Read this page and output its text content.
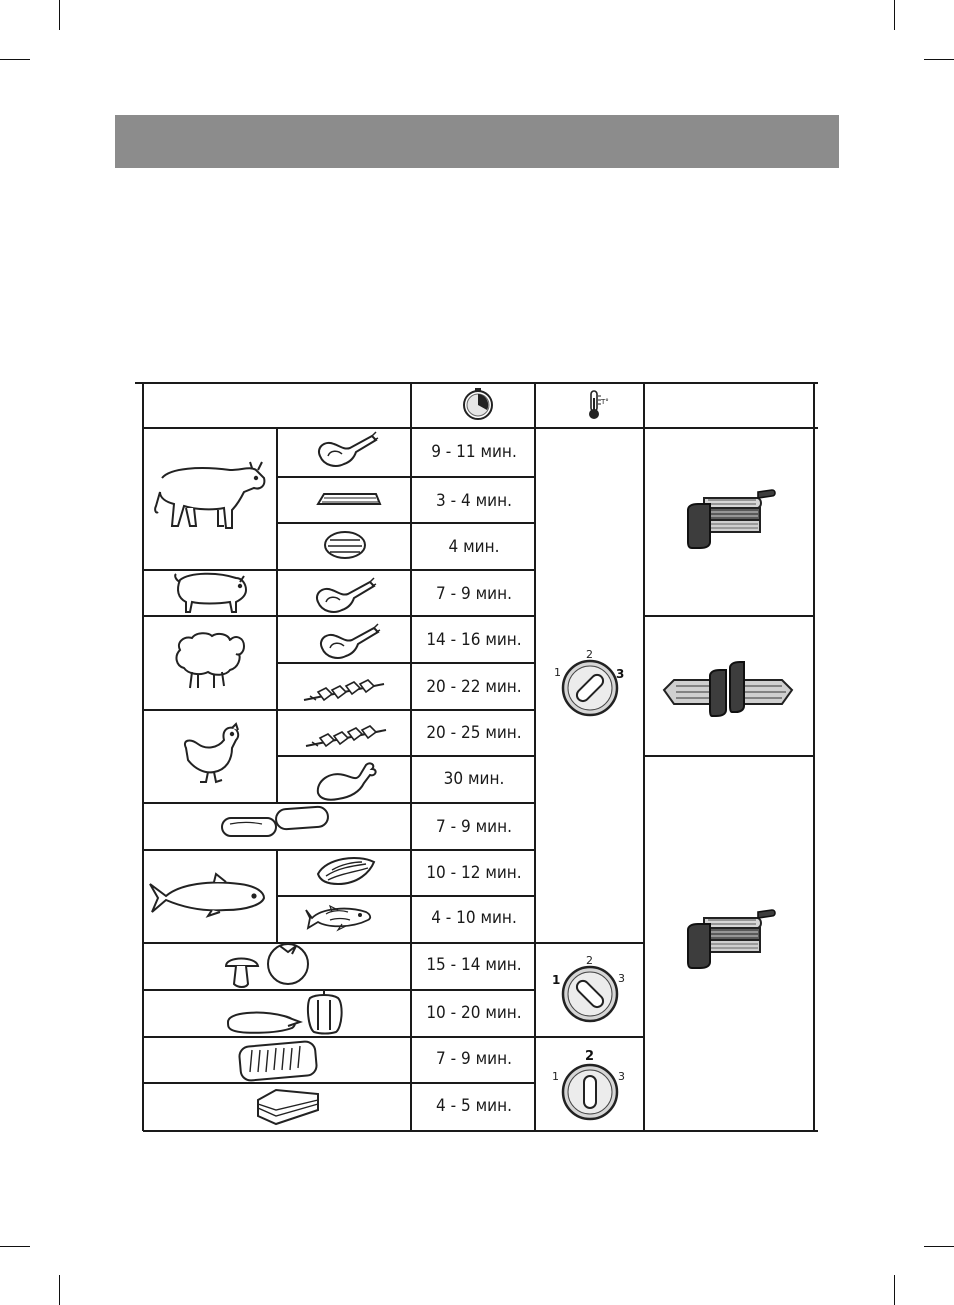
T°
1
2
3
1
2
3
1
2
3
9 - 11 мин.
3 - 4 мин.
4 мин.
7 - 9 мин.
14 - 16 мин.
20 - 22 мин.
20 - 25 мин.
30 мин.
7 - 9 мин.
10 - 12 мин.
4 - 10 мин.
15 - 14 мин.
10 - 20 мин.
7 - 9 мин.
4 - 5 мин.
